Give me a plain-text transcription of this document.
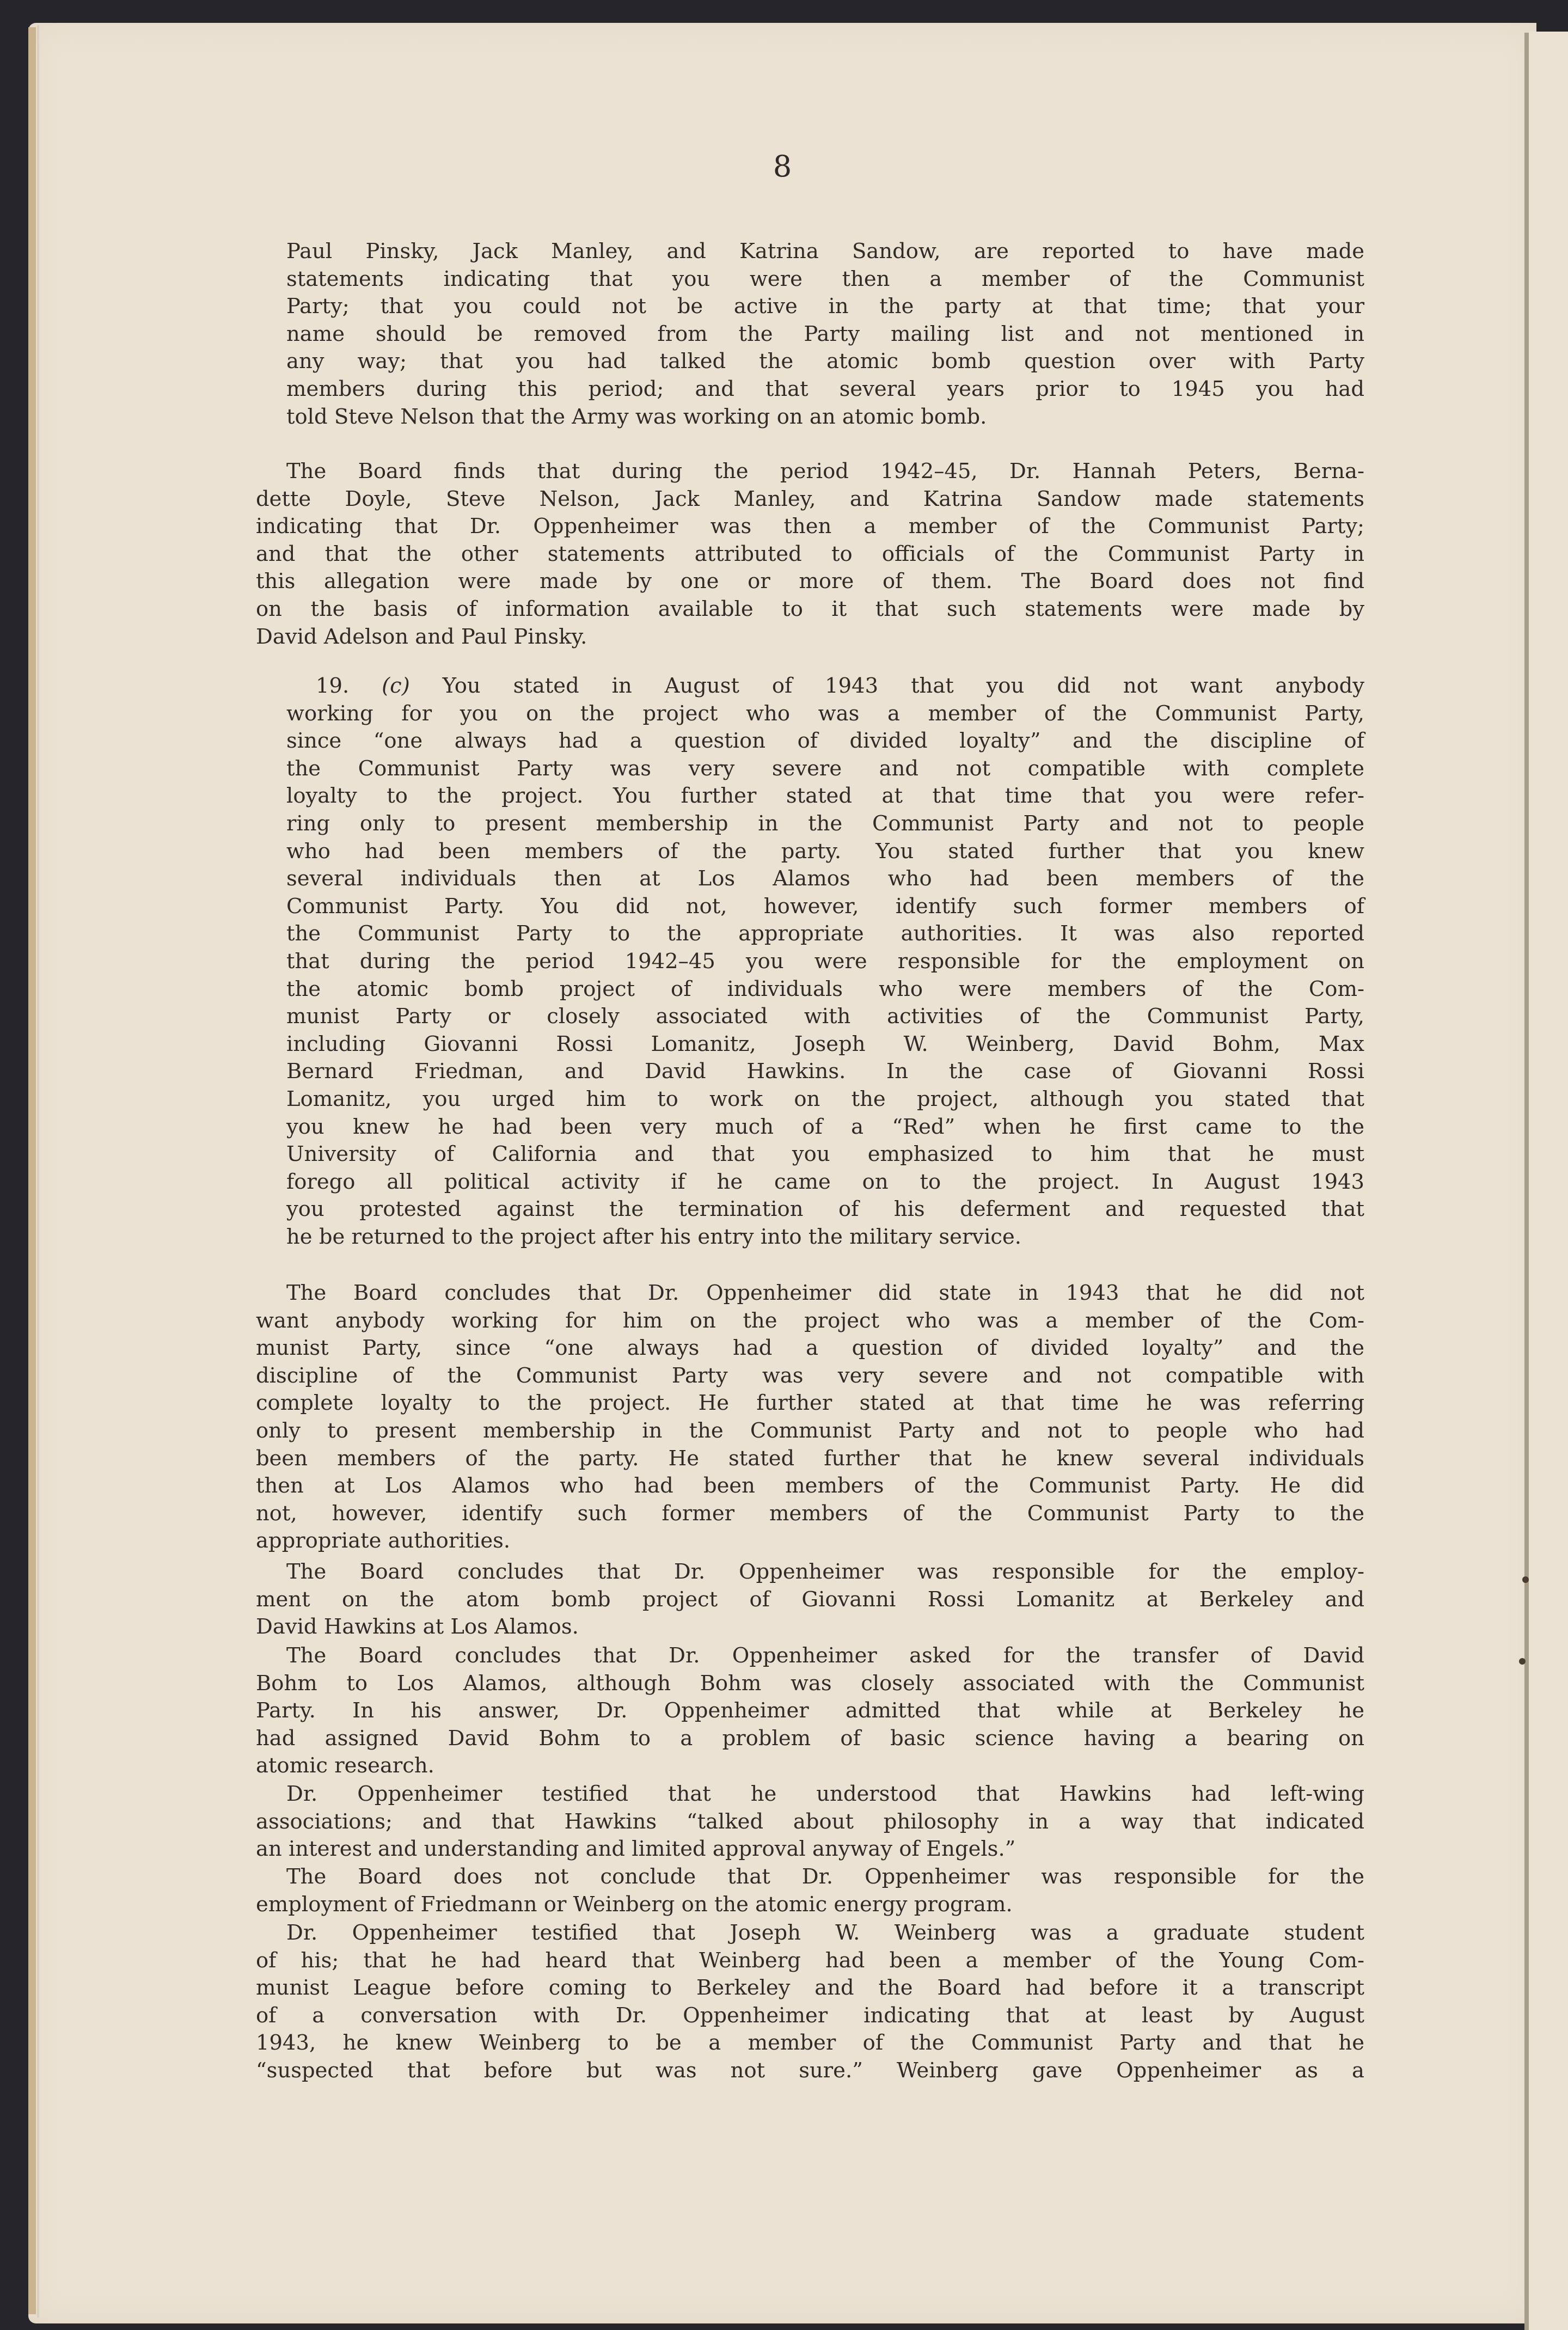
8
Paul Pinsky, Jack Manley, and Katrina Sandow, are reported to have made
statements indicating that you were then a member of the Communist
Party; that you could not be active in the party at that time; that your
name should be removed from the Party mailing list and not mentioned in
any way; that you had talked the atomic bomb question over with Party
members during this period; and that several years prior to 1945 you had
told Steve Nelson that the Army was working on an atomic bomb.
The Board finds that during the period 1942–45, Dr. Hannah Peters, Berna-
dette Doyle, Steve Nelson, Jack Manley, and Katrina Sandow made statements
indicating that Dr. Oppenheimer was then a member of the Communist Party;
and that the other statements attributed to officials of the Communist Party in
this allegation were made by one or more of them. The Board does not find
on the basis of information available to it that such statements were made by
David Adelson and Paul Pinsky.
19. (c) You stated in August of 1943 that you did not want anybody
working for you on the project who was a member of the Communist Party,
since “one always had a question of divided loyalty” and the discipline of
the Communist Party was very severe and not compatible with complete
loyalty to the project. You further stated at that time that you were refer-
ring only to present membership in the Communist Party and not to people
who had been members of the party. You stated further that you knew
several individuals then at Los Alamos who had been members of the
Communist Party. You did not, however, identify such former members of
the Communist Party to the appropriate authorities. It was also reported
that during the period 1942–45 you were responsible for the employment on
the atomic bomb project of individuals who were members of the Com-
munist Party or closely associated with activities of the Communist Party,
including Giovanni Rossi Lomanitz, Joseph W. Weinberg, David Bohm, Max
Bernard Friedman, and David Hawkins. In the case of Giovanni Rossi
Lomanitz, you urged him to work on the project, although you stated that
you knew he had been very much of a “Red” when he first came to the
University of California and that you emphasized to him that he must
forego all political activity if he came on to the project. In August 1943
you protested against the termination of his deferment and requested that
he be returned to the project after his entry into the military service.
The Board concludes that Dr. Oppenheimer did state in 1943 that he did not
want anybody working for him on the project who was a member of the Com-
munist Party, since “one always had a question of divided loyalty” and the
discipline of the Communist Party was very severe and not compatible with
complete loyalty to the project. He further stated at that time he was referring
only to present membership in the Communist Party and not to people who had
been members of the party. He stated further that he knew several individuals
then at Los Alamos who had been members of the Communist Party. He did
not, however, identify such former members of the Communist Party to the
appropriate authorities.
The Board concludes that Dr. Oppenheimer was responsible for the employ-
ment on the atom bomb project of Giovanni Rossi Lomanitz at Berkeley and
David Hawkins at Los Alamos.
The Board concludes that Dr. Oppenheimer asked for the transfer of David
Bohm to Los Alamos, although Bohm was closely associated with the Communist
Party. In his answer, Dr. Oppenheimer admitted that while at Berkeley he
had assigned David Bohm to a problem of basic science having a bearing on
atomic research.
Dr. Oppenheimer testified that he understood that Hawkins had left-wing
associations; and that Hawkins “talked about philosophy in a way that indicated
an interest and understanding and limited approval anyway of Engels.”
The Board does not conclude that Dr. Oppenheimer was responsible for the
employment of Friedmann or Weinberg on the atomic energy program.
Dr. Oppenheimer testified that Joseph W. Weinberg was a graduate student
of his; that he had heard that Weinberg had been a member of the Young Com-
munist League before coming to Berkeley and the Board had before it a transcript
of a conversation with Dr. Oppenheimer indicating that at least by August
1943, he knew Weinberg to be a member of the Communist Party and that he
“suspected that before but was not sure.” Weinberg gave Oppenheimer as a
